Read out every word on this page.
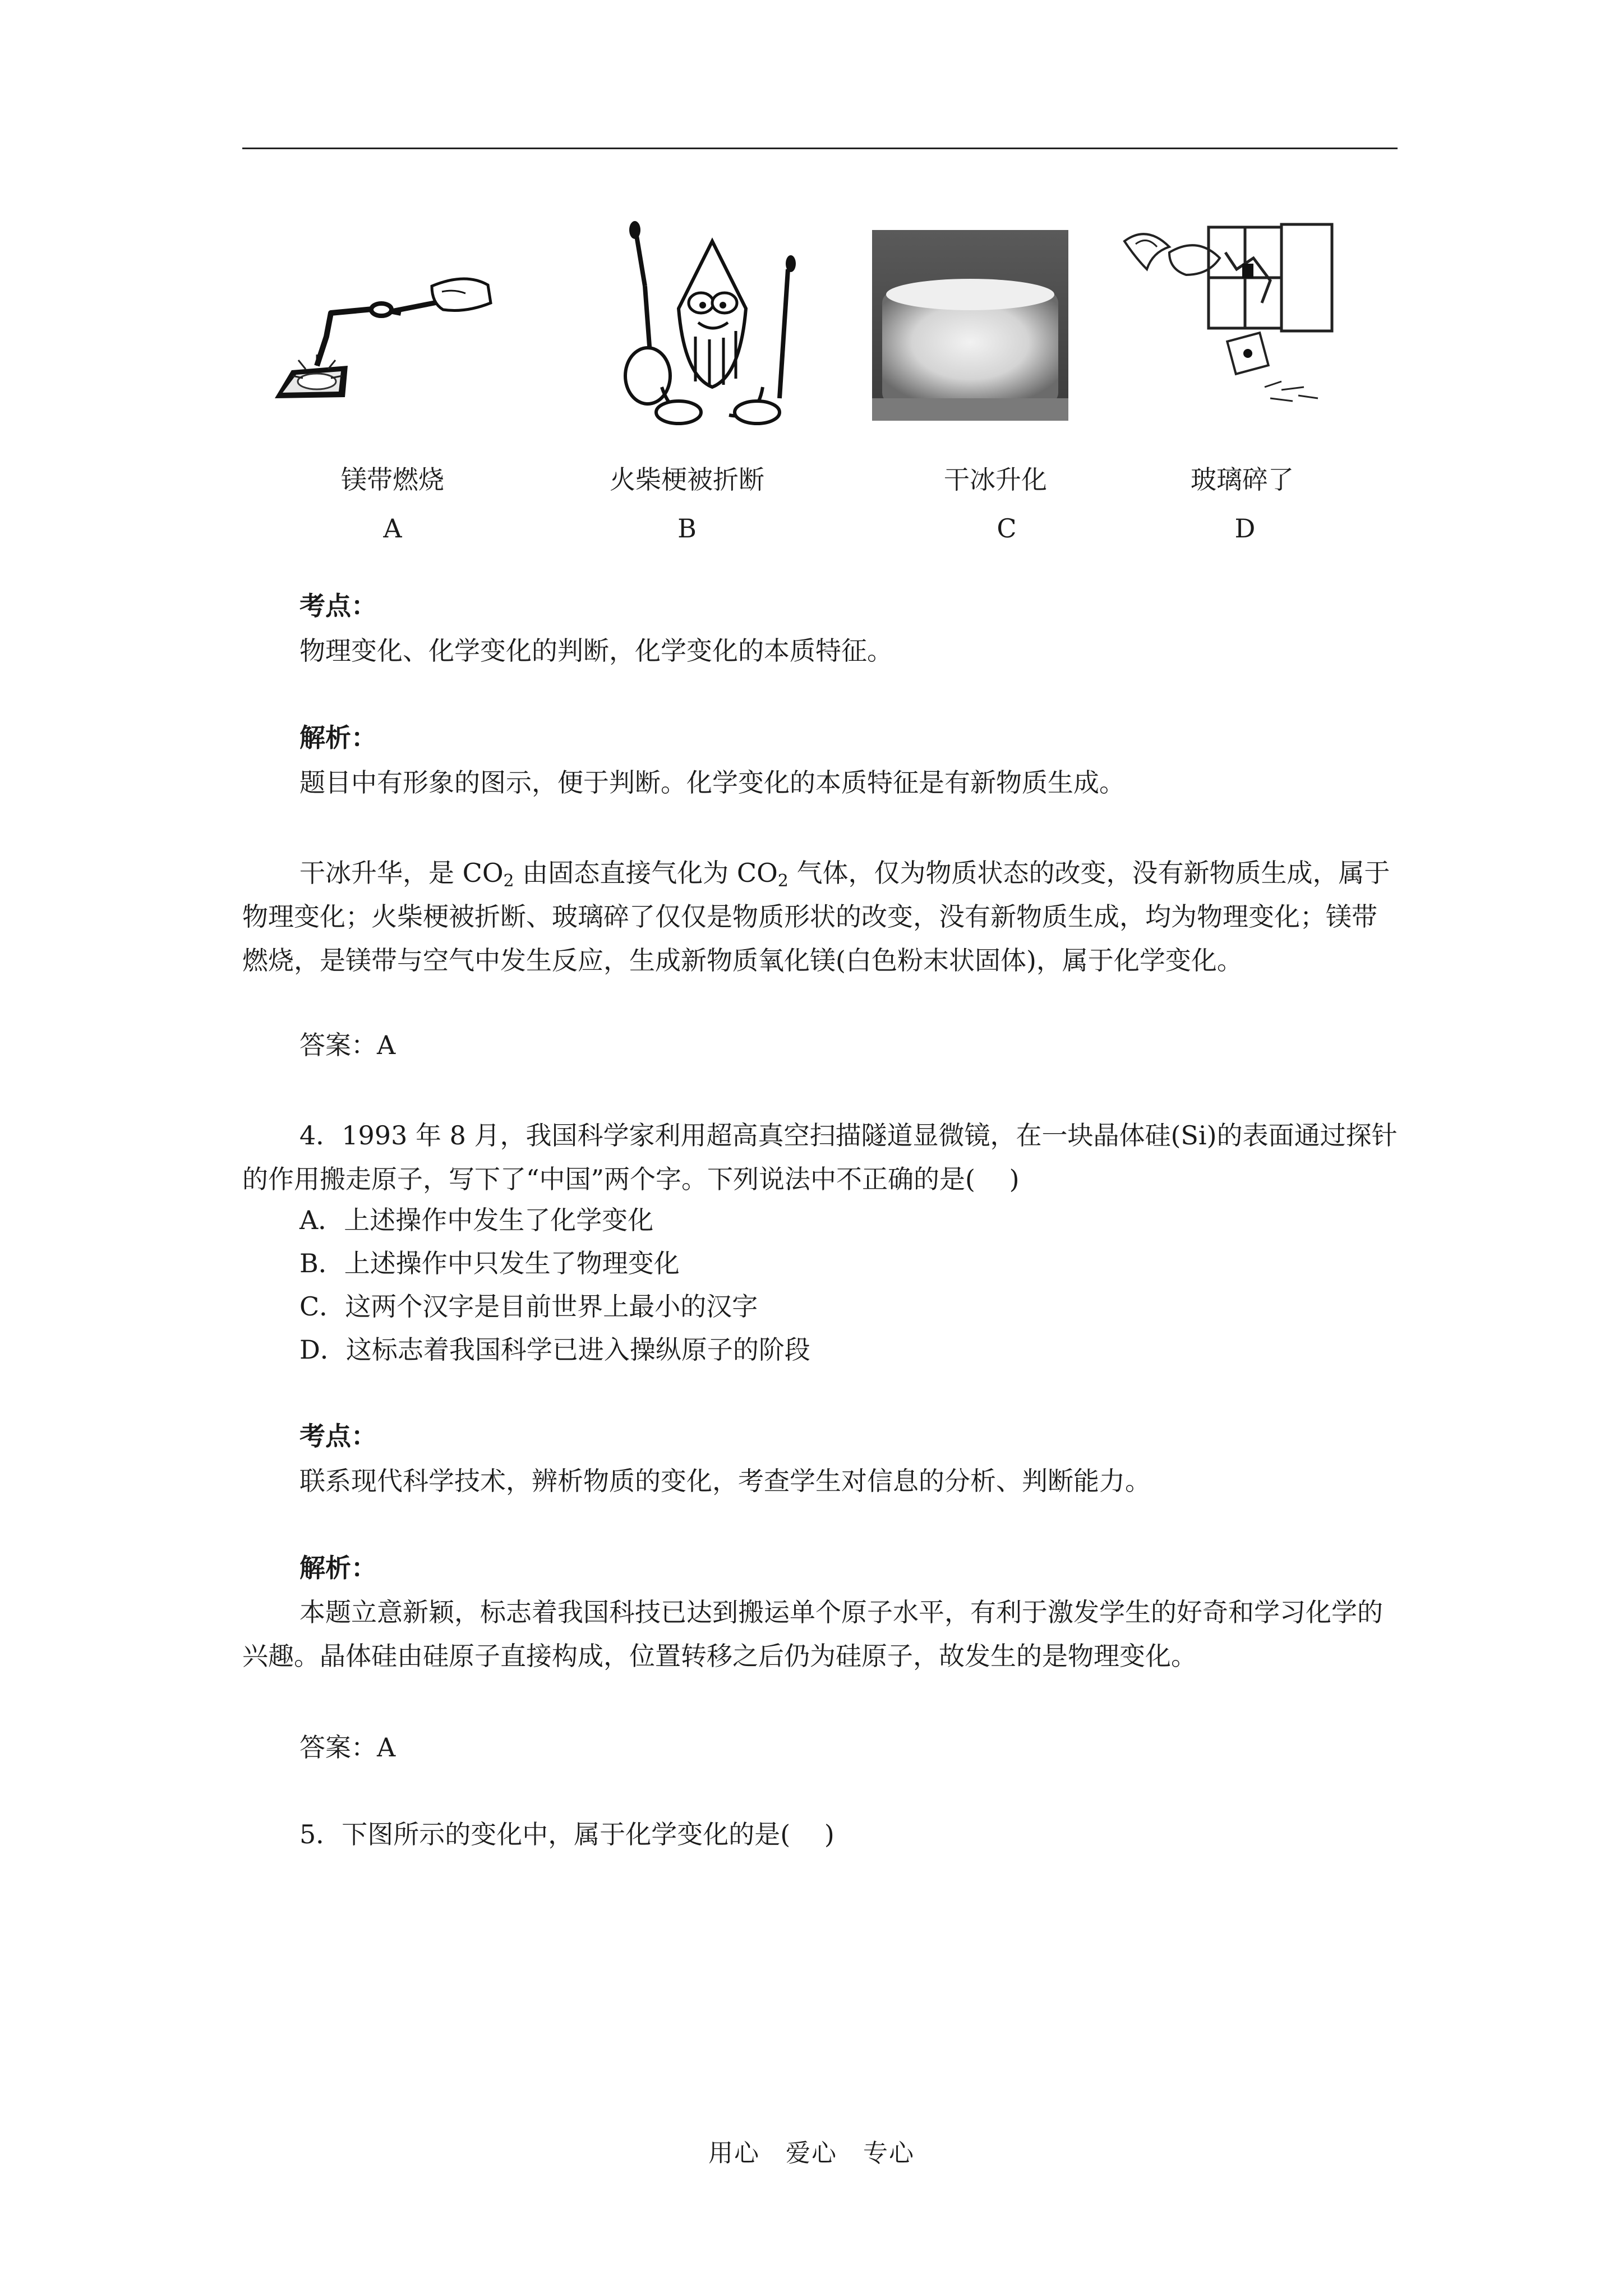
镁带燃烧	火柴梗被折断	干冰升化	玻璃碎了
A	B	C	D
考点：
物理变化、化学变化的判断，化学变化的本质特征。
解析：
题目中有形象的图示，便于判断。化学变化的本质特征是有新物质生成。

干冰升华，是 $CO_2$ 由固态直接气化为 $CO_2$ 气体，仅为物质状态的改变，没有新物质生成，属于物理变化；火柴梗被折断、玻璃碎了仅仅是物质形状的改变，没有新物质生成，均为物理变化；镁带燃烧，是镁带与空气中发生反应，生成新物质氧化镁(白色粉末状固体)，属于化学变化。

答案：A

4．1993 年 8 月，我国科学家利用超高真空扫描隧道显微镜，在一块晶体硅(Si)的表面通过探针的作用搬走原子，写下了“中国”两个字。下列说法中不正确的是(　 )

A．上述操作中发生了化学变化
B．上述操作中只发生了物理变化
C．这两个汉字是目前世界上最小的汉字
D．这标志着我国科学已进入操纵原子的阶段
考点：
联系现代科学技术，辨析物质的变化，考查学生对信息的分析、判断能力。
解析：

本题立意新颖，标志着我国科技已达到搬运单个原子水平，有利于激发学生的好奇和学习化学的兴趣。晶体硅由硅原子直接构成，位置转移之后仍为硅原子，故发生的是物理变化。

答案：A
5．下图所示的变化中，属于化学变化的是(　 )
用心　爱心　专心
